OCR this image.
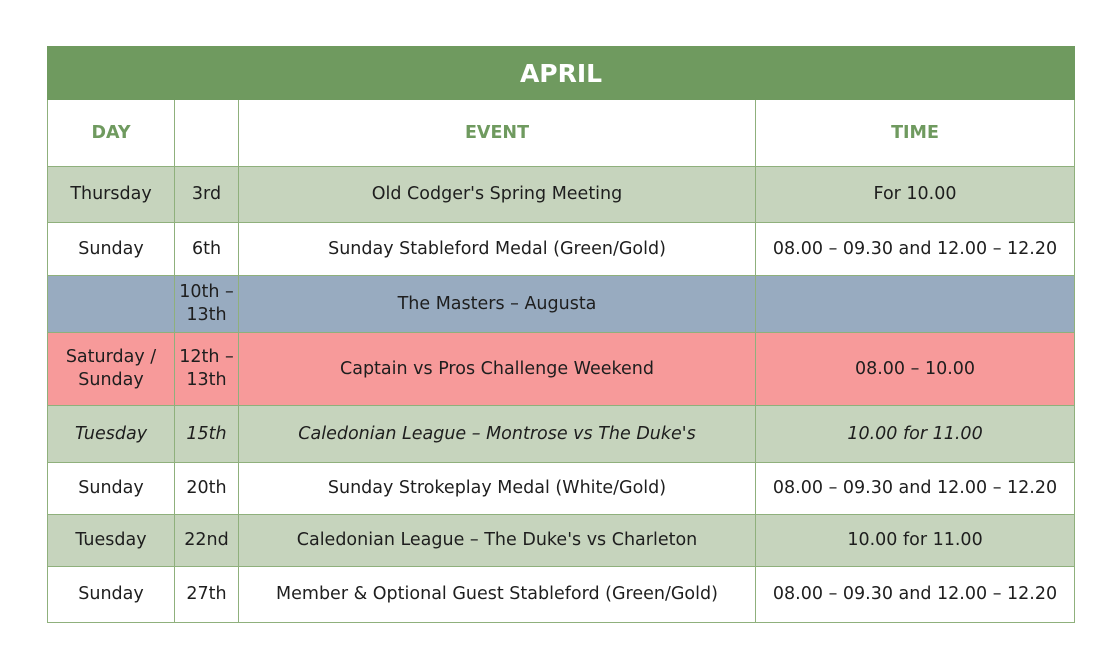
APRIL			
DAY		EVENT	TIME
Thursday	3rd	Old Codger's Spring Meeting	For 10.00
Sunday	6th	Sunday Stableford Medal (Green/Gold)	08.00 – 09.30 and 12.00 – 12.20
	10th – 13th	The Masters – Augusta	
Saturday / Sunday	12th – 13th	Captain vs Pros Challenge Weekend	08.00 – 10.00
Tuesday	15th	Caledonian League – Montrose vs The Duke's	10.00 for 11.00
Sunday	20th	Sunday Strokeplay Medal (White/Gold)	08.00 – 09.30 and 12.00 – 12.20
Tuesday	22nd	Caledonian League – The Duke's vs Charleton	10.00 for 11.00
Sunday	27th	Member & Optional Guest Stableford (Green/Gold)	08.00 – 09.30 and 12.00 – 12.20
